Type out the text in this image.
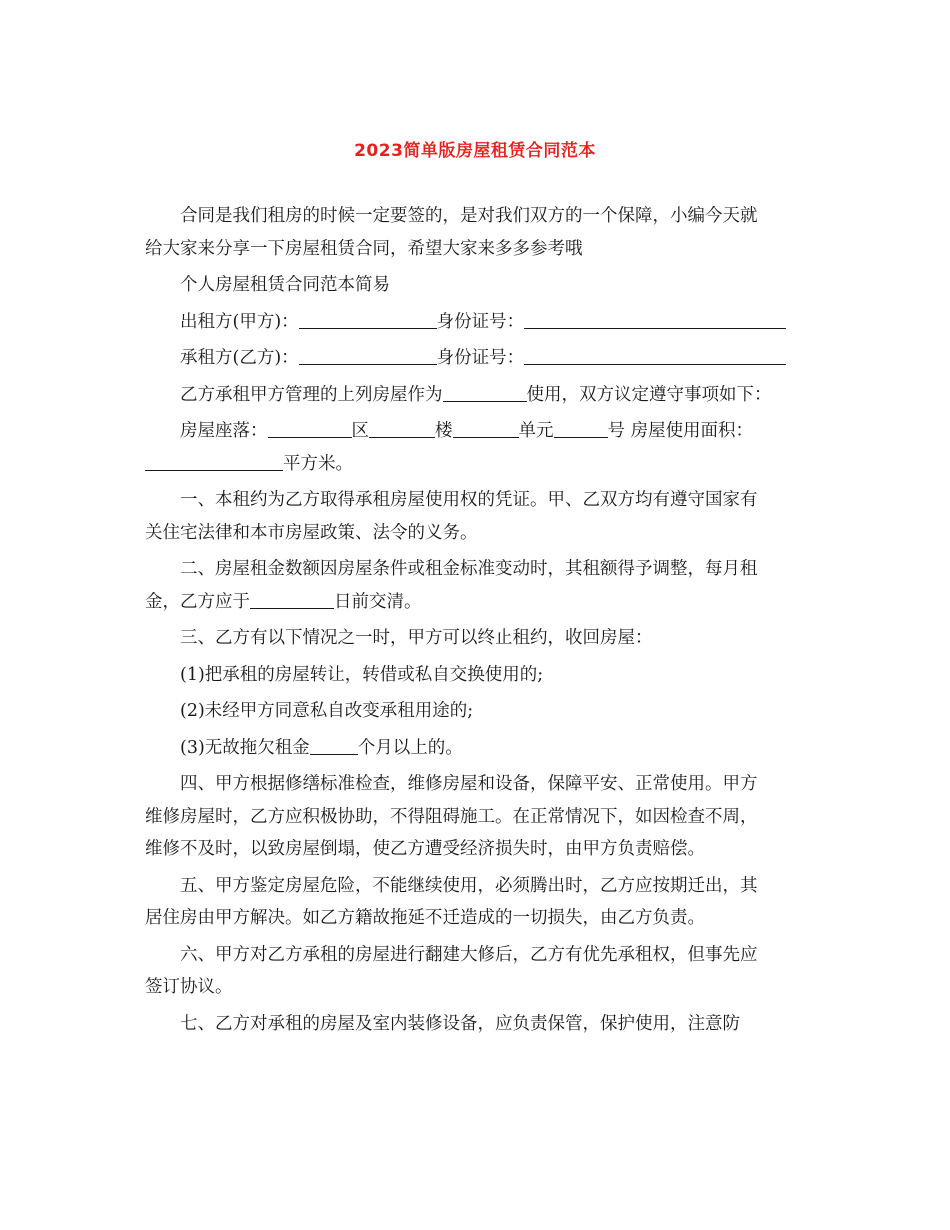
2023简单版房屋租赁合同范本

合同是我们租房的时候一定要签的，是对我们双方的一个保障，小编今天就

给大家来分享一下房屋租赁合同，希望大家来多多参考哦

个人房屋租赁合同范本简易

出租方(甲方)：	身份证号：

承租方(乙方)：	身份证号：

乙方承租甲方管理的上列房屋作为	使用，双方议定遵守事项如下：

房屋座落：	区	楼	单元	号 房屋使用面积：

平方米。

一、本租约为乙方取得承租房屋使用权的凭证。甲、乙双方均有遵守国家有

关住宅法律和本市房屋政策、法令的义务。

二、房屋租金数额因房屋条件或租金标准变动时，其租额得予调整，每月租

金，乙方应于	日前交清。

三、乙方有以下情况之一时，甲方可以终止租约，收回房屋：

(1)把承租的房屋转让，转借或私自交换使用的;

(2)未经甲方同意私自改变承租用途的;

(3)无故拖欠租金	个月以上的。

四、甲方根据修缮标准检查，维修房屋和设备，保障平安、正常使用。甲方

维修房屋时，乙方应积极协助，不得阻碍施工。在正常情况下，如因检查不周，

维修不及时，以致房屋倒塌，使乙方遭受经济损失时，由甲方负责赔偿。

五、甲方鉴定房屋危险，不能继续使用，必须腾出时，乙方应按期迁出，其

居住房由甲方解决。如乙方籍故拖延不迁造成的一切损失，由乙方负责。

六、甲方对乙方承租的房屋进行翻建大修后，乙方有优先承租权，但事先应

签订协议。

七、乙方对承租的房屋及室内装修设备，应负责保管，保护使用，注意防
